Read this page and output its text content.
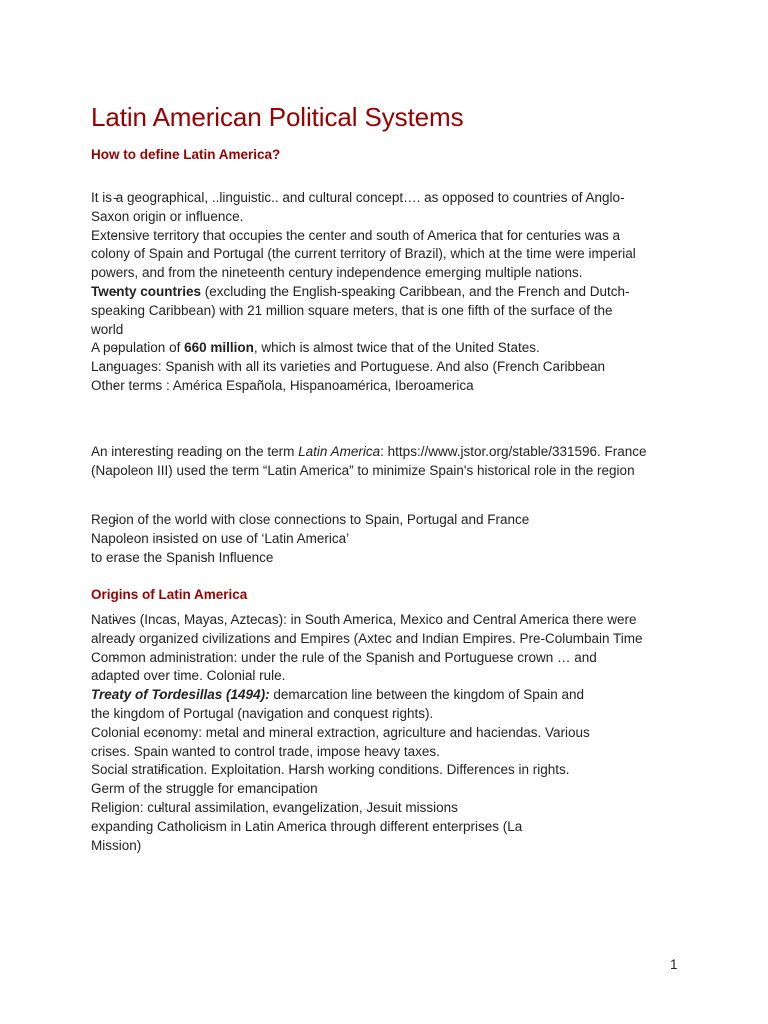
Latin American Political Systems
How to define Latin America?
- It is a geographical, ..linguistic.. and cultural concept…. as opposed to countries of Anglo-Saxon origin or influence.
- Extensive territory that occupies the center and south of America that for centuries was a colony of Spain and Portugal (the current territory of Brazil), which at the time were imperial powers, and from the nineteenth century independence emerging multiple nations.
- Twenty countries (excluding the English-speaking Caribbean, and the French and Dutch-speaking Caribbean) with 21 million square meters, that is one fifth of the surface of the world
- A population of 660 million, which is almost twice that of the United States.
- Languages: Spanish with all its varieties and Portuguese. And also (French Caribbean
- Other terms : América Española, Hispanoamérica, Iberoamerica

An interesting reading on the term Latin America: https://www.jstor.org/stable/331596. France (Napoleon III) used the term “Latin America” to minimize Spain's historical role in the region

- Region of the world with close connections to Spain, Portugal and France
- Napoleon insisted on use of ‘Latin America’
- to erase the Spanish Influence
Origins of Latin America
- Natives (Incas, Mayas, Aztecas): in South America, Mexico and Central America there were already organized civilizations and Empires (Axtec and Indian Empires. Pre-Columbain Time
- Common administration: under the rule of the Spanish and Portuguese crown … and adapted over time. Colonial rule.
- Treaty of Tordesillas (1494): demarcation line between the kingdom of Spain and the kingdom of Portugal (navigation and conquest rights).
- Colonial economy: metal and mineral extraction, agriculture and haciendas. Various crises. Spain wanted to control trade, impose heavy taxes.
- Social stratification. Exploitation. Harsh working conditions. Differences in rights. Germ of the struggle for emancipation
- Religion: cultural assimilation, evangelization, Jesuit missions
- expanding Catholicism in Latin America through different enterprises (La Mission)
1
